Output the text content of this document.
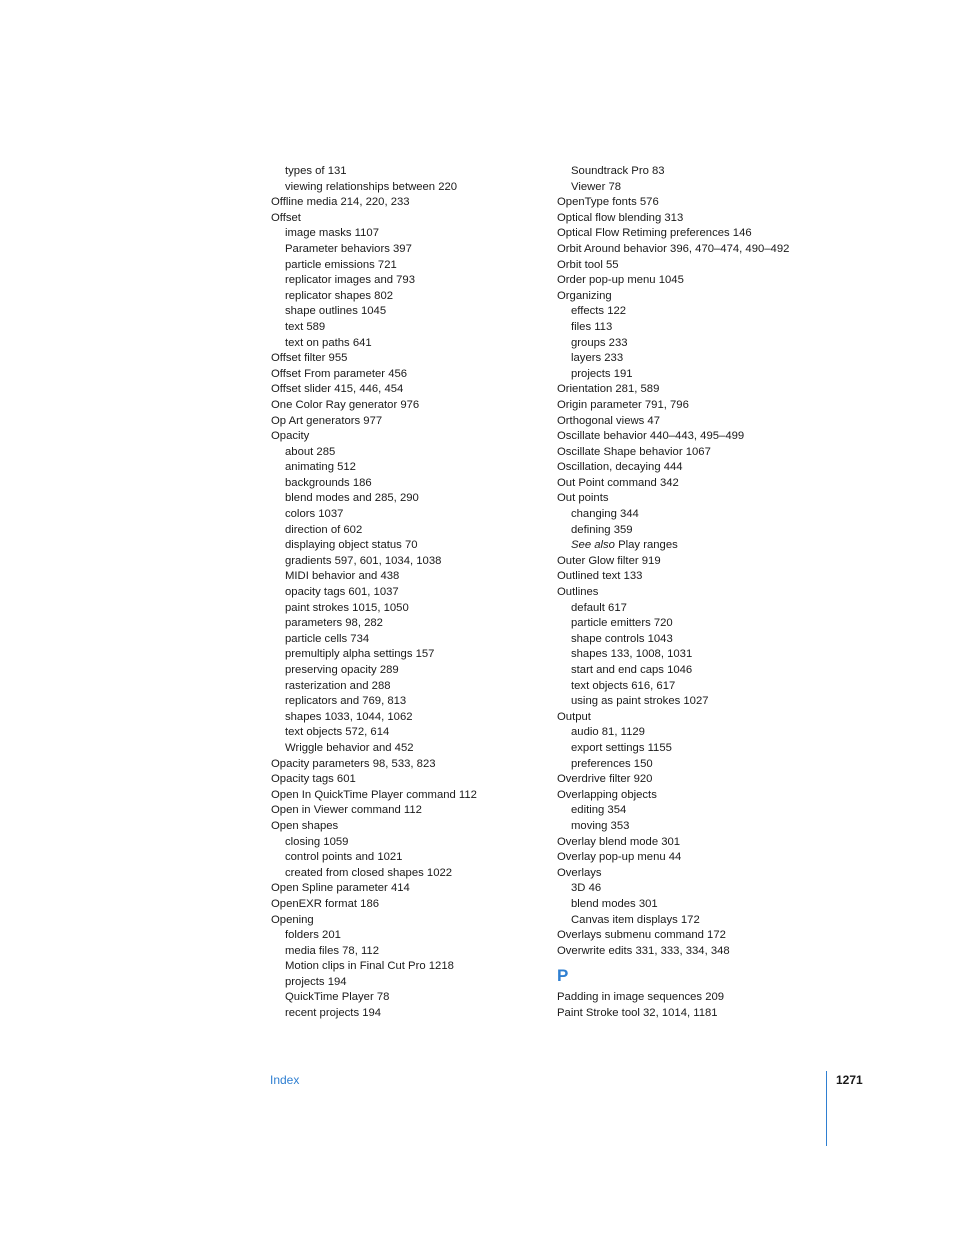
types of 131
viewing relationships between 220
Offline media 214, 220, 233
Offset
image masks 1107
Parameter behaviors 397
particle emissions 721
replicator images and 793
replicator shapes 802
shape outlines 1045
text 589
text on paths 641
Offset filter 955
Offset From parameter 456
Offset slider 415, 446, 454
One Color Ray generator 976
Op Art generators 977
Opacity
about 285
animating 512
backgrounds 186
blend modes and 285, 290
colors 1037
direction of 602
displaying object status 70
gradients 597, 601, 1034, 1038
MIDI behavior and 438
opacity tags 601, 1037
paint strokes 1015, 1050
parameters 98, 282
particle cells 734
premultiply alpha settings 157
preserving opacity 289
rasterization and 288
replicators and 769, 813
shapes 1033, 1044, 1062
text objects 572, 614
Wriggle behavior and 452
Opacity parameters 98, 533, 823
Opacity tags 601
Open In QuickTime Player command 112
Open in Viewer command 112
Open shapes
closing 1059
control points and 1021
created from closed shapes 1022
Open Spline parameter 414
OpenEXR format 186
Opening
folders 201
media files 78, 112
Motion clips in Final Cut Pro 1218
projects 194
QuickTime Player 78
recent projects 194
Soundtrack Pro 83
Viewer 78
OpenType fonts 576
Optical flow blending 313
Optical Flow Retiming preferences 146
Orbit Around behavior 396, 470–474, 490–492
Orbit tool 55
Order pop-up menu 1045
Organizing
effects 122
files 113
groups 233
layers 233
projects 191
Orientation 281, 589
Origin parameter 791, 796
Orthogonal views 47
Oscillate behavior 440–443, 495–499
Oscillate Shape behavior 1067
Oscillation, decaying 444
Out Point command 342
Out points
changing 344
defining 359
See also Play ranges
Outer Glow filter 919
Outlined text 133
Outlines
default 617
particle emitters 720
shape controls 1043
shapes 133, 1008, 1031
start and end caps 1046
text objects 616, 617
using as paint strokes 1027
Output
audio 81, 1129
export settings 1155
preferences 150
Overdrive filter 920
Overlapping objects
editing 354
moving 353
Overlay blend mode 301
Overlay pop-up menu 44
Overlays
3D 46
blend modes 301
Canvas item displays 172
Overlays submenu command 172
Overwrite edits 331, 333, 334, 348
P
Padding in image sequences 209
Paint Stroke tool 32, 1014, 1181
Index	1271
